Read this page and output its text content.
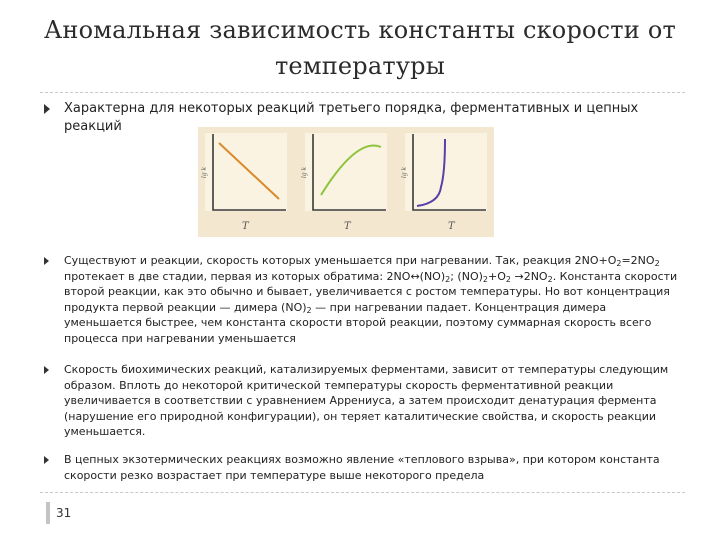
Аномальная зависимость константы скорости от температуры
Характерна для некоторых реакций третьего порядка, ферментативных и цепных реакций
lg k
T
lg k
T
lg k
T
Существуют и реакции, скорость которых уменьшается при нагревании. Так, реакция $2NO+O_2=2NO_2$ протекает в две стадии, первая из которых обратима: $2NO\leftrightarrow(NO)_2$; $(NO)_2+O_2 \to 2NO_2$. Константа скорости второй реакции, как это обычно и бывает, увеличивается с ростом температуры. Но вот концентрация продукта первой реакции — димера $(NO)_2$ — при нагревании падает. Концентрация димера уменьшается быстрее, чем константа скорости второй реакции, поэтому суммарная скорость всего процесса при нагревании уменьшается
Скорость биохимических реакций, катализируемых ферментами, зависит от температуры следующим образом. Вплоть до некоторой критической температуры скорость ферментативной реакции увеличивается в соответствии с уравнением Аррениуса, а затем происходит денатурация фермента (нарушение его природной конфигурации), он теряет каталитические свойства, и скорость реакции уменьшается.
В цепных экзотермических реакциях возможно явление «теплового взрыва», при котором константа скорости резко возрастает при температуре выше некоторого предела
31
